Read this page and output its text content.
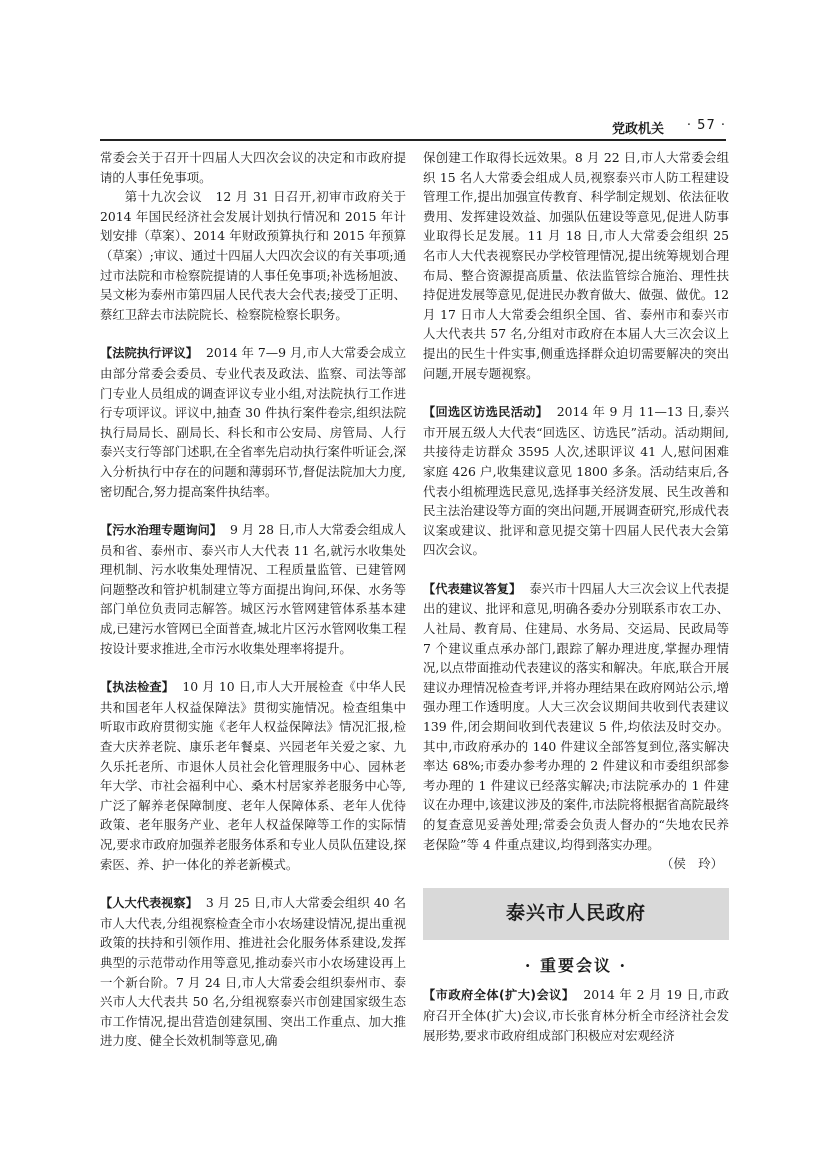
党政机关 · 57 ·

常委会关于召开十四届人大四次会议的决定和市政府提请的人事任免事项。

第十九次会议 12 月 31 日召开,初审市政府关于 2014 年国民经济社会发展计划执行情况和 2015 年计划安排（草案）、2014 年财政预算执行和 2015 年预算（草案）;审议、通过十四届人大四次会议的有关事项;通过市法院和市检察院提请的人事任免事项;补选杨旭波、吴文彬为泰州市第四届人民代表大会代表;接受丁正明、蔡红卫辞去市法院院长、检察院检察长职务。

【法院执行评议】 2014 年 7—9 月,市人大常委会成立由部分常委会委员、专业代表及政法、监察、司法等部门专业人员组成的调查评议专业小组,对法院执行工作进行专项评议。评议中,抽查 30 件执行案件卷宗,组织法院执行局局长、副局长、科长和市公安局、房管局、人行泰兴支行等部门述职,在全省率先启动执行案件听证会,深入分析执行中存在的问题和薄弱环节,督促法院加大力度,密切配合,努力提高案件执结率。

【污水治理专题询问】 9 月 28 日,市人大常委会组成人员和省、泰州市、泰兴市人大代表 11 名,就污水收集处理机制、污水收集处理情况、工程质量监管、已建管网问题整改和管护机制建立等方面提出询问,环保、水务等部门单位负责同志解答。城区污水管网建管体系基本建成,已建污水管网已全面普查,城北片区污水管网收集工程按设计要求推进,全市污水收集处理率将提升。

【执法检查】 10 月 10 日,市人大开展检查《中华人民共和国老年人权益保障法》贯彻实施情况。检查组集中听取市政府贯彻实施《老年人权益保障法》情况汇报,检查大庆养老院、康乐老年餐桌、兴园老年关爱之家、九久乐托老所、市退休人员社会化管理服务中心、园林老年大学、市社会福利中心、桑木村居家养老服务中心等,广泛了解养老保障制度、老年人保障体系、老年人优待政策、老年服务产业、老年人权益保障等工作的实际情况,要求市政府加强养老服务体系和专业人员队伍建设,探索医、养、护一体化的养老新模式。

【人大代表视察】 3 月 25 日,市人大常委会组织 40 名市人大代表,分组视察检查全市小农场建设情况,提出重视政策的扶持和引领作用、推进社会化服务体系建设,发挥典型的示范带动作用等意见,推动泰兴市小农场建设再上一个新台阶。7 月 24 日,市人大常委会组织泰州市、泰兴市人大代表共 50 名,分组视察泰兴市创建国家级生态市工作情况,提出营造创建氛围、突出工作重点、加大推进力度、健全长效机制等意见,确

保创建工作取得长远效果。8 月 22 日,市人大常委会组织 15 名人大常委会组成人员,视察泰兴市人防工程建设管理工作,提出加强宣传教育、科学制定规划、依法征收费用、发挥建设效益、加强队伍建设等意见,促进人防事业取得长足发展。11 月 18 日,市人大常委会组织 25 名市人大代表视察民办学校管理情况,提出统筹规划合理布局、整合资源提高质量、依法监管综合施治、理性扶持促进发展等意见,促进民办教育做大、做强、做优。12 月 17 日市人大常委会组织全国、省、泰州市和泰兴市人大代表共 57 名,分组对市政府在本届人大三次会议上提出的民生十件实事,侧重选择群众迫切需要解决的突出问题,开展专题视察。

【回选区访选民活动】 2014 年 9 月 11—13 日,泰兴市开展五级人大代表“回选区、访选民”活动。活动期间,共接待走访群众 3595 人次,述职评议 41 人,慰问困难家庭 426 户,收集建议意见 1800 多条。活动结束后,各代表小组梳理选民意见,选择事关经济发展、民生改善和民主法治建设等方面的突出问题,开展调查研究,形成代表议案或建议、批评和意见提交第十四届人民代表大会第四次会议。

【代表建议答复】 泰兴市十四届人大三次会议上代表提出的建议、批评和意见,明确各委办分别联系市农工办、人社局、教育局、住建局、水务局、交运局、民政局等 7 个建议重点承办部门,跟踪了解办理进度,掌握办理情况,以点带面推动代表建议的落实和解决。年底,联合开展建议办理情况检查考评,并将办理结果在政府网站公示,增强办理工作透明度。人大三次会议期间共收到代表建议 139 件,闭会期间收到代表建议 5 件,均依法及时交办。其中,市政府承办的 140 件建议全部答复到位,落实解决率达 68%;市委办参考办理的 2 件建议和市委组织部参考办理的 1 件建议已经落实解决;市法院承办的 1 件建议在办理中,该建议涉及的案件,市法院将根据省高院最终的复查意见妥善处理;常委会负责人督办的“失地农民养老保险”等 4 件重点建议,均得到落实办理。
（侯　玲）

泰兴市人民政府
· 重要会议 ·

【市政府全体(扩大)会议】 2014 年 2 月 19 日,市政府召开全体(扩大)会议,市长张育林分析全市经济社会发展形势,要求市政府组成部门积极应对宏观经济
